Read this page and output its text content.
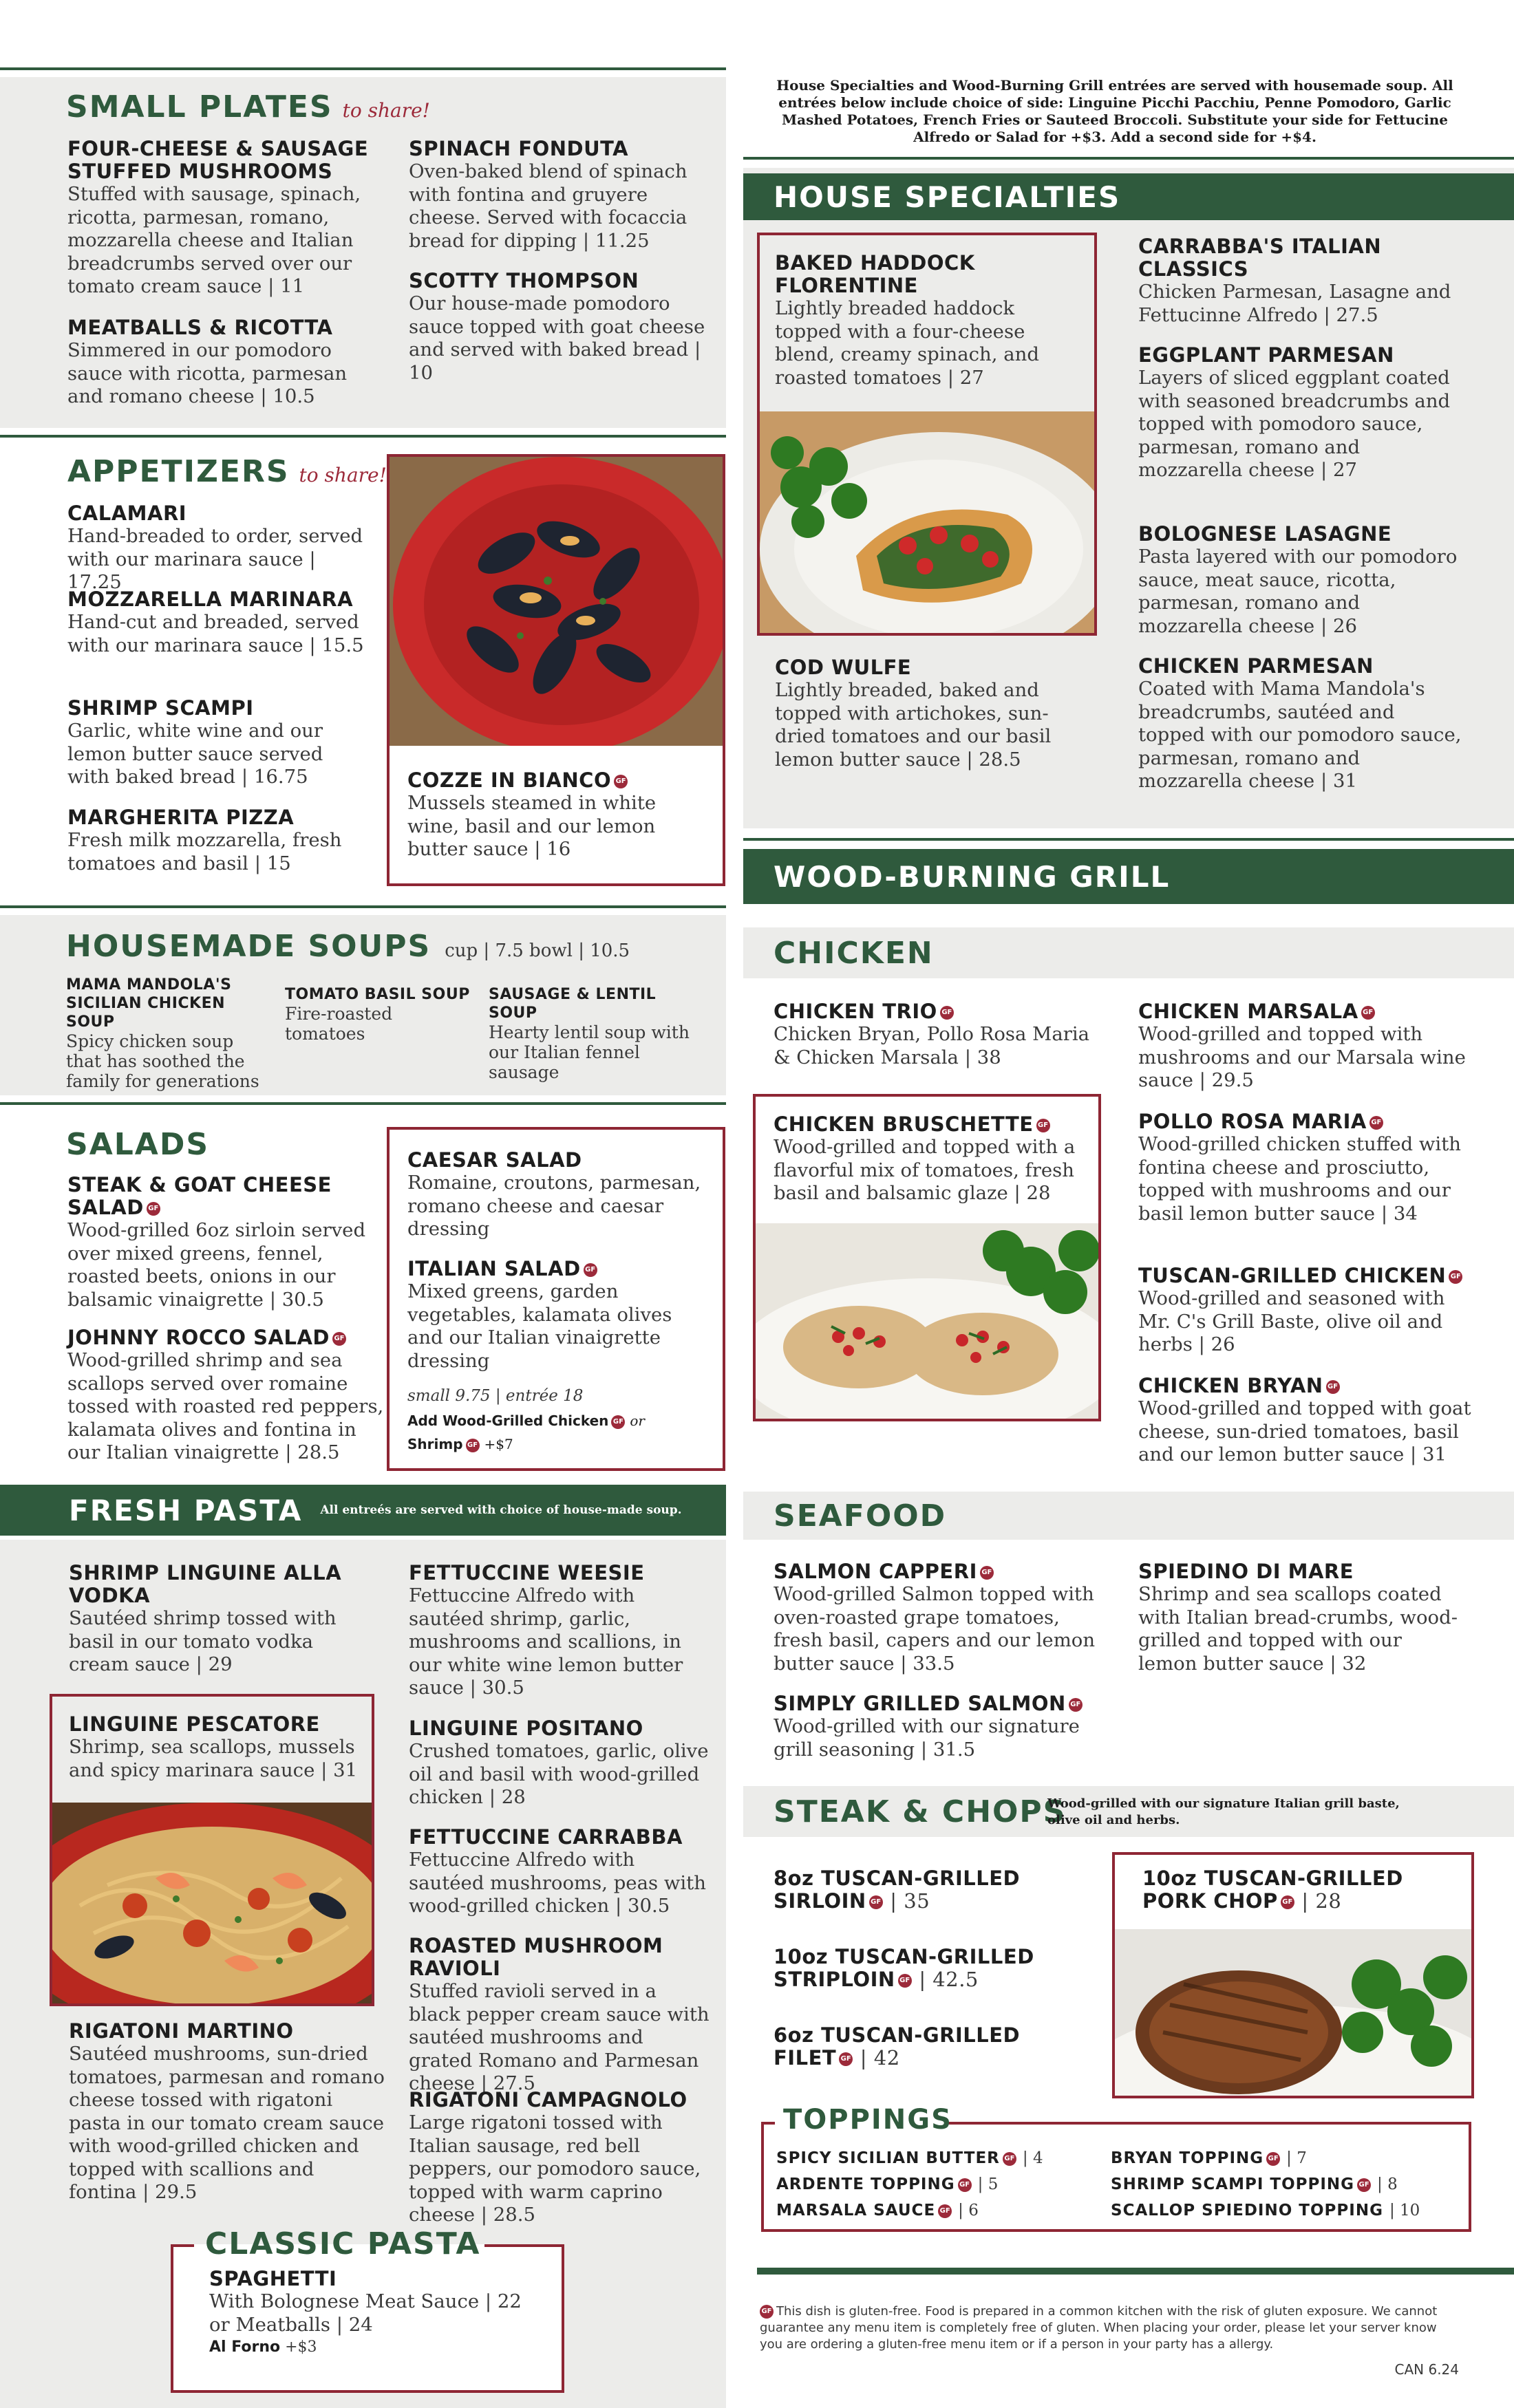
SMALL PLATES to share!
FOUR-CHEESE & SAUSAGE STUFFED MUSHROOMS
Stuffed with sausage, spinach, ricotta, parmesan, romano, mozzarella cheese and Italian breadcrumbs served over our tomato cream sauce | 11
MEATBALLS & RICOTTA
Simmered in our pomodoro sauce with ricotta, parmesan and romano cheese | 10.5
SPINACH FONDUTA
Oven-baked blend of spinach with fontina and gruyere cheese. Served with focaccia bread for dipping | 11.25
SCOTTY THOMPSON
Our house-made pomodoro sauce topped with goat cheese and served with baked bread | 10
APPETIZERS to share!
CALAMARI
Hand-breaded to order, served with our marinara sauce | 17.25
MOZZARELLA MARINARA
Hand-cut and breaded, served with our marinara sauce | 15.5
SHRIMP SCAMPI
Garlic, white wine and our lemon butter sauce served with baked bread | 16.75
MARGHERITA PIZZA
Fresh milk mozzarella, fresh tomatoes and basil | 15
COZZE IN BIANCO GF
Mussels steamed in white wine, basil and our lemon butter sauce | 16
HOUSEMADE SOUPS cup | 7.5 bowl | 10.5
MAMA MANDOLA'S SICILIAN CHICKEN SOUP
Spicy chicken soup that has soothed the family for generations
TOMATO BASIL SOUP
Fire-roasted tomatoes
SAUSAGE & LENTIL SOUP
Hearty lentil soup with our Italian fennel sausage
SALADS
STEAK & GOAT CHEESE SALAD GF
Wood-grilled 6oz sirloin served over mixed greens, fennel, roasted beets, onions in our balsamic vinaigrette | 30.5
JOHNNY ROCCO SALAD GF
Wood-grilled shrimp and sea scallops served over romaine tossed with roasted red peppers, kalamata olives and fontina in our Italian vinaigrette | 28.5
CAESAR SALAD
Romaine, croutons, parmesan, romano cheese and caesar dressing
ITALIAN SALAD GF
Mixed greens, garden vegetables, kalamata olives and our Italian vinaigrette dressing
small 9.75 | entrée 18
Add Wood-Grilled Chicken GF or
Shrimp GF +$7
FRESH PASTA All entreés are served with choice of house-made soup.
SHRIMP LINGUINE ALLA VODKA
Sautéed shrimp tossed with basil in our tomato vodka cream sauce | 29
LINGUINE PESCATORE
Shrimp, sea scallops, mussels and spicy marinara sauce | 31
RIGATONI MARTINO
Sautéed mushrooms, sun-dried tomatoes, parmesan and romano cheese tossed with rigatoni pasta in our tomato cream sauce with wood-grilled chicken and topped with scallions and fontina | 29.5
FETTUCCINE WEESIE
Fettuccine Alfredo with sautéed shrimp, garlic, mushrooms and scallions, in our white wine lemon butter sauce | 30.5
LINGUINE POSITANO
Crushed tomatoes, garlic, olive oil and basil with wood-grilled chicken | 28
FETTUCCINE CARRABBA
Fettuccine Alfredo with sautéed mushrooms, peas with wood-grilled chicken | 30.5
ROASTED MUSHROOM RAVIOLI
Stuffed ravioli served in a black pepper cream sauce with sautéed mushrooms and grated Romano and Parmesan cheese | 27.5
RIGATONI CAMPAGNOLO
Large rigatoni tossed with Italian sausage, red bell peppers, our pomodoro sauce, topped with warm caprino cheese | 28.5
CLASSIC PASTA
SPAGHETTI
With Bolognese Meat Sauce | 22
or Meatballs | 24
Al Forno +$3
House Specialties and Wood-Burning Grill entrées are served with housemade soup. All entrées below include choice of side: Linguine Picchi Pacchiu, Penne Pomodoro, Garlic Mashed Potatoes, French Fries or Sauteed Broccoli. Substitute your side for Fettucine Alfredo or Salad for +$3. Add a second side for +$4.
HOUSE SPECIALTIES
BAKED HADDOCK FLORENTINE
Lightly breaded haddock topped with a four-cheese blend, creamy spinach, and roasted tomatoes | 27
COD WULFE
Lightly breaded, baked and topped with artichokes, sun-dried tomatoes and our basil lemon butter sauce | 28.5
CARRABBA'S ITALIAN CLASSICS
Chicken Parmesan, Lasagne and Fettucinne Alfredo | 27.5
EGGPLANT PARMESAN
Layers of sliced eggplant coated with seasoned breadcrumbs and topped with pomodoro sauce, parmesan, romano and mozzarella cheese | 27
BOLOGNESE LASAGNE
Pasta layered with our pomodoro sauce, meat sauce, ricotta, parmesan, romano and mozzarella cheese | 26
CHICKEN PARMESAN
Coated with Mama Mandola's breadcrumbs, sautéed and topped with our pomodoro sauce, parmesan, romano and mozzarella cheese | 31
WOOD-BURNING GRILL
CHICKEN
CHICKEN TRIO GF
Chicken Bryan, Pollo Rosa Maria & Chicken Marsala | 38
CHICKEN BRUSCHETTE GF
Wood-grilled and topped with a flavorful mix of tomatoes, fresh basil and balsamic glaze | 28
CHICKEN MARSALA GF
Wood-grilled and topped with mushrooms and our Marsala wine sauce | 29.5
POLLO ROSA MARIA GF
Wood-grilled chicken stuffed with fontina cheese and prosciutto, topped with mushrooms and our basil lemon butter sauce | 34
TUSCAN-GRILLED CHICKEN GF
Wood-grilled and seasoned with Mr. C's Grill Baste, olive oil and herbs | 26
CHICKEN BRYAN GF
Wood-grilled and topped with goat cheese, sun-dried tomatoes, basil and our lemon butter sauce | 31
SEAFOOD
SALMON CAPPERI GF
Wood-grilled Salmon topped with oven-roasted grape tomatoes, fresh basil, capers and our lemon butter sauce | 33.5
SIMPLY GRILLED SALMON GF
Wood-grilled with our signature grill seasoning | 31.5
SPIEDINO DI MARE
Shrimp and sea scallops coated with Italian bread-crumbs, wood-grilled and topped with our lemon butter sauce | 32
STEAK & CHOPS
Wood-grilled with our signature Italian grill baste, olive oil and herbs.
8oz TUSCAN-GRILLED
SIRLOIN GF | 35
10oz TUSCAN-GRILLED
STRIPLOIN GF | 42.5
6oz TUSCAN-GRILLED
FILET GF | 42
10oz TUSCAN-GRILLED
PORK CHOP GF | 28
TOPPINGS
SPICY SICILIAN BUTTER GF | 4
ARDENTE TOPPING GF | 5
MARSALA SAUCE GF | 6
BRYAN TOPPING GF | 7
SHRIMP SCAMPI TOPPING GF | 8
SCALLOP SPIEDINO TOPPING | 10
GF This dish is gluten-free. Food is prepared in a common kitchen with the risk of gluten exposure. We cannot guarantee any menu item is completely free of gluten. When placing your order, please let your server know you are ordering a gluten-free menu item or if a person in your party has a allergy.
CAN 6.24
